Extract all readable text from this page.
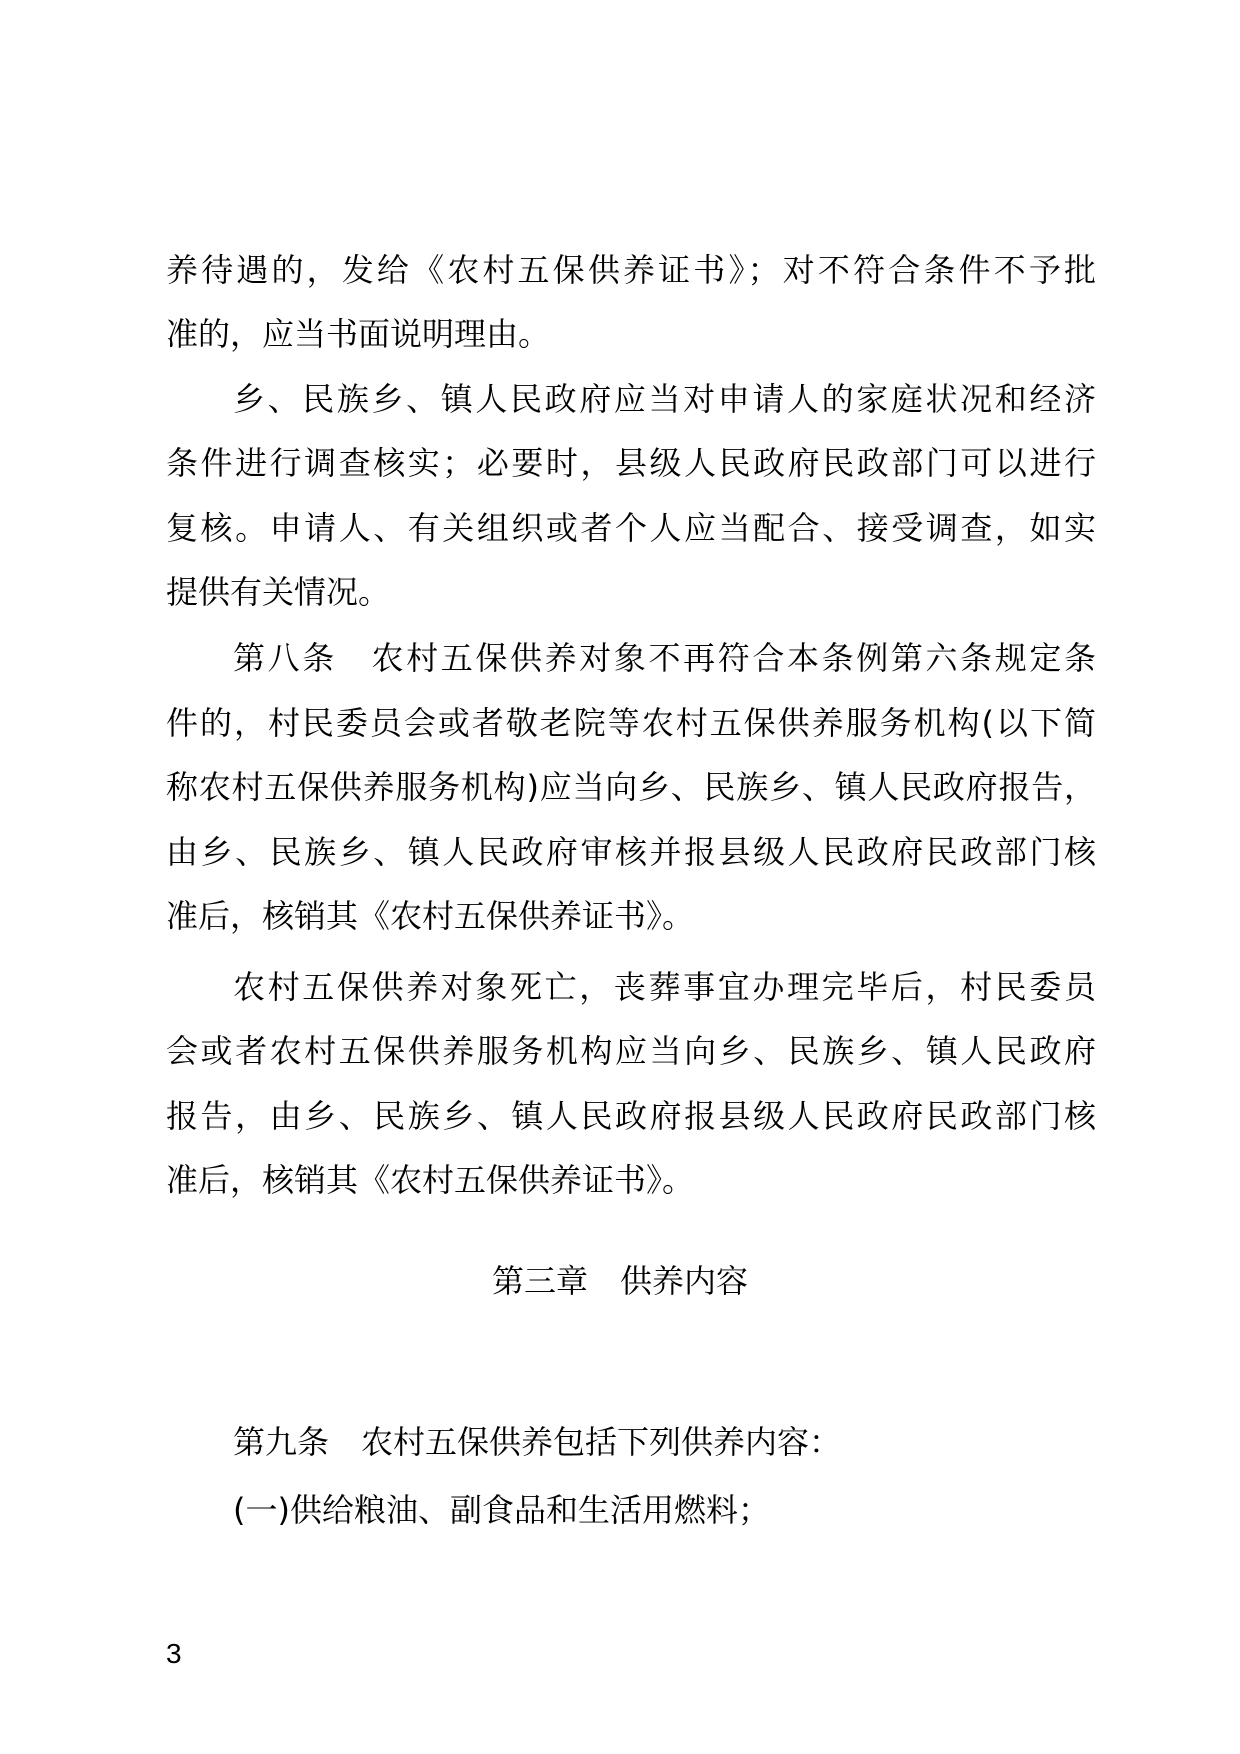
养待遇的，发给《农村五保供养证书》；对不符合条件不予批
准的，应当书面说明理由。
乡、民族乡、镇人民政府应当对申请人的家庭状况和经济
条件进行调查核实；必要时，县级人民政府民政部门可以进行
复核。申请人、有关组织或者个人应当配合、接受调查，如实
提供有关情况。
第八条　农村五保供养对象不再符合本条例第六条规定条
件的，村民委员会或者敬老院等农村五保供养服务机构(以下简
称农村五保供养服务机构)应当向乡、民族乡、镇人民政府报告，
由乡、民族乡、镇人民政府审核并报县级人民政府民政部门核
准后，核销其《农村五保供养证书》。
农村五保供养对象死亡，丧葬事宜办理完毕后，村民委员
会或者农村五保供养服务机构应当向乡、民族乡、镇人民政府
报告，由乡、民族乡、镇人民政府报县级人民政府民政部门核
准后，核销其《农村五保供养证书》。
第三章　供养内容
第九条　农村五保供养包括下列供养内容：
(一)供给粮油、副食品和生活用燃料；
3
